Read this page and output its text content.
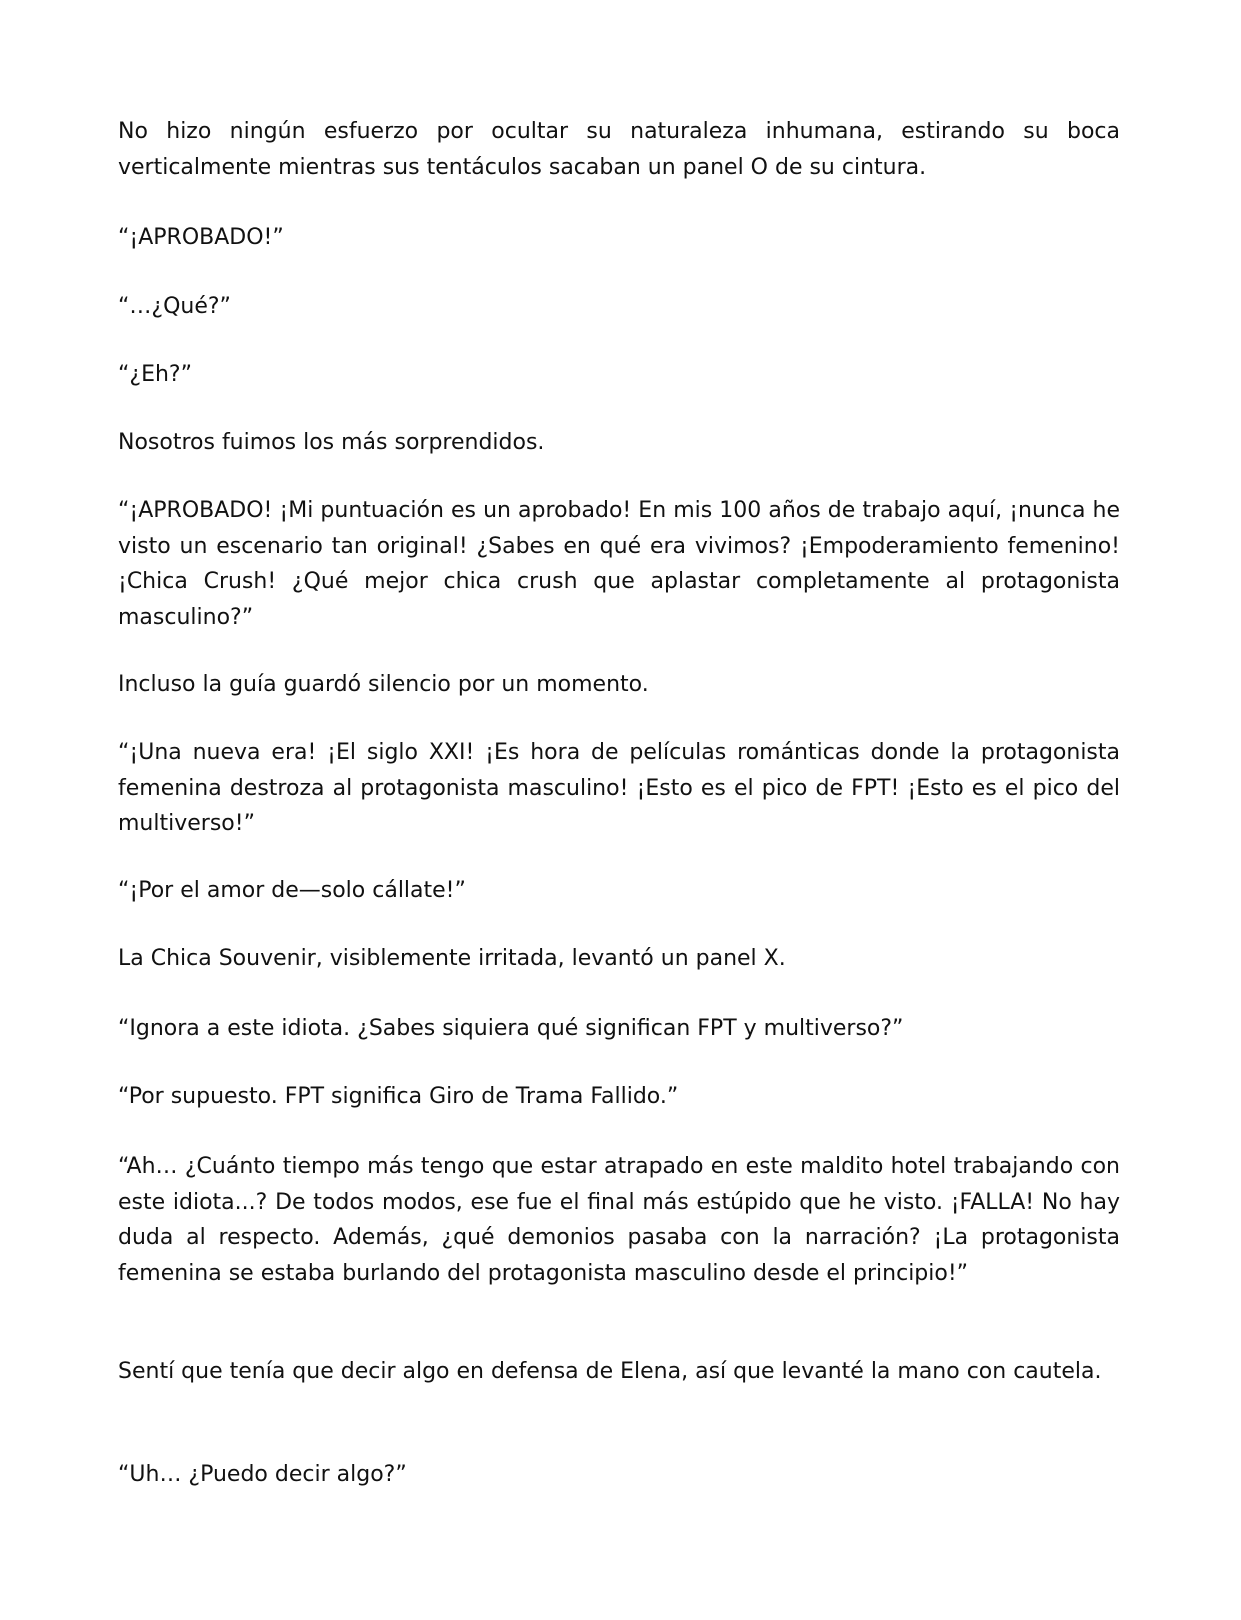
No hizo ningún esfuerzo por ocultar su naturaleza inhumana, estirando su boca verticalmente mientras sus tentáculos sacaban un panel O de su cintura.

“¡APROBADO!”

“…¿Qué?”

“¿Eh?”

Nosotros fuimos los más sorprendidos.

“¡APROBADO! ¡Mi puntuación es un aprobado! En mis 100 años de trabajo aquí, ¡nunca he visto un escenario tan original! ¿Sabes en qué era vivimos? ¡Empoderamiento femenino! ¡Chica Crush! ¿Qué mejor chica crush que aplastar completamente al protagonista masculino?”

Incluso la guía guardó silencio por un momento.

“¡Una nueva era! ¡El siglo XXI! ¡Es hora de películas románticas donde la protagonista femenina destroza al protagonista masculino! ¡Esto es el pico de FPT! ¡Esto es el pico del multiverso!”

“¡Por el amor de—solo cállate!”

La Chica Souvenir, visiblemente irritada, levantó un panel X.

“Ignora a este idiota. ¿Sabes siquiera qué significan FPT y multiverso?”

“Por supuesto. FPT significa Giro de Trama Fallido.”

“Ah… ¿Cuánto tiempo más tengo que estar atrapado en este maldito hotel trabajando con este idiota...? De todos modos, ese fue el final más estúpido que he visto. ¡FALLA! No hay duda al respecto. Además, ¿qué demonios pasaba con la narración? ¡La protagonista femenina se estaba burlando del protagonista masculino desde el principio!”

Sentí que tenía que decir algo en defensa de Elena, así que levanté la mano con cautela.

“Uh… ¿Puedo decir algo?”
